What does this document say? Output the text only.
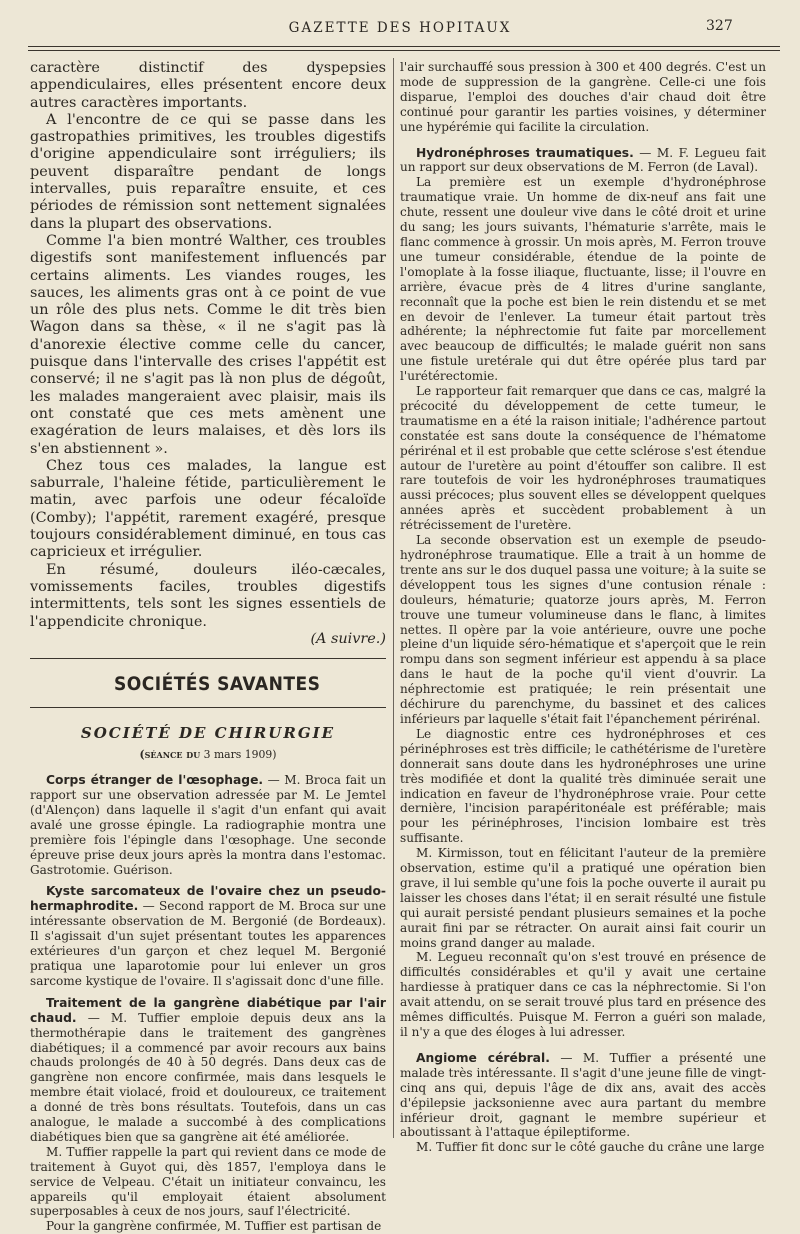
GAZETTE DES HOPITAUX	327

caractère distinctif des dyspepsies appendiculaires, elles présentent encore deux autres caractères importants.

A l'encontre de ce qui se passe dans les gastropathies primitives, les troubles digestifs d'origine appendiculaire sont irréguliers; ils peuvent disparaître pendant de longs intervalles, puis reparaître ensuite, et ces périodes de rémission sont nettement signalées dans la plupart des observations.

Comme l'a bien montré Walther, ces troubles digestifs sont manifestement influencés par certains aliments. Les viandes rouges, les sauces, les aliments gras ont à ce point de vue un rôle des plus nets. Comme le dit très bien Wagon dans sa thèse, « il ne s'agit pas là d'anorexie élective comme celle du cancer, puisque dans l'intervalle des crises l'appétit est conservé; il ne s'agit pas là non plus de dégoût, les malades mangeraient avec plaisir, mais ils ont constaté que ces mets amènent une exagération de leurs malaises, et dès lors ils s'en abstiennent ».

Chez tous ces malades, la langue est saburrale, l'haleine fétide, particulièrement le matin, avec parfois une odeur fécaloïde (Comby); l'appétit, rarement exagéré, presque toujours considérablement diminué, en tous cas capricieux et irrégulier.

En résumé, douleurs iléo-cæcales, vomissements faciles, troubles digestifs intermittents, tels sont les signes essentiels de l'appendicite chronique.

(A suivre.)

SOCIÉTÉS SAVANTES
SOCIÉTÉ DE CHIRURGIE
(séance du 3 mars 1909)

Corps étranger de l'œsophage. — M. Broca fait un rapport sur une observation adressée par M. Le Jemtel (d'Alençon) dans laquelle il s'agit d'un enfant qui avait avalé une grosse épingle. La radiographie montra une première fois l'épingle dans l'œsophage. Une seconde épreuve prise deux jours après la montra dans l'estomac. Gastrotomie. Guérison.

Kyste sarcomateux de l'ovaire chez un pseudo-hermaphrodite. — Second rapport de M. Broca sur une intéressante observation de M. Bergonié (de Bordeaux). Il s'agissait d'un sujet présentant toutes les apparences extérieures d'un garçon et chez lequel M. Bergonié pratiqua une laparotomie pour lui enlever un gros sarcome kystique de l'ovaire. Il s'agissait donc d'une fille.

Traitement de la gangrène diabétique par l'air chaud. — M. Tuffier emploie depuis deux ans la thermothérapie dans le traitement des gangrènes diabétiques; il a commencé par avoir recours aux bains chauds prolongés de 40 à 50 degrés. Dans deux cas de gangrène non encore confirmée, mais dans lesquels le membre était violacé, froid et douloureux, ce traitement a donné de très bons résultats. Toutefois, dans un cas analogue, le malade a succombé à des complications diabétiques bien que sa gangrène ait été améliorée.

M. Tuffier rappelle la part qui revient dans ce mode de traitement à Guyot qui, dès 1857, l'employa dans le service de Velpeau. C'était un initiateur convaincu, les appareils qu'il employait étaient absolument superposables à ceux de nos jours, sauf l'électricité.

Pour la gangrène confirmée, M. Tuffier est partisan de

l'air surchauffé sous pression à 300 et 400 degrés. C'est un mode de suppression de la gangrène. Celle-ci une fois disparue, l'emploi des douches d'air chaud doit être continué pour garantir les parties voisines, y déterminer une hypérémie qui facilite la circulation.

Hydronéphroses traumatiques. — M. F. Legueu fait un rapport sur deux observations de M. Ferron (de Laval).

La première est un exemple d'hydronéphrose traumatique vraie. Un homme de dix-neuf ans fait une chute, ressent une douleur vive dans le côté droit et urine du sang; les jours suivants, l'hématurie s'arrête, mais le flanc commence à grossir. Un mois après, M. Ferron trouve une tumeur considérable, étendue de la pointe de l'omoplate à la fosse iliaque, fluctuante, lisse; il l'ouvre en arrière, évacue près de 4 litres d'urine sanglante, reconnaît que la poche est bien le rein distendu et se met en devoir de l'enlever. La tumeur était partout très adhérente; la néphrectomie fut faite par morcellement avec beaucoup de difficultés; le malade guérit non sans une fistule uretérale qui dut être opérée plus tard par l'urétérectomie.

Le rapporteur fait remarquer que dans ce cas, malgré la précocité du développement de cette tumeur, le traumatisme en a été la raison initiale; l'adhérence partout constatée est sans doute la conséquence de l'hématome périrénal et il est probable que cette sclérose s'est étendue autour de l'uretère au point d'étouffer son calibre. Il est rare toutefois de voir les hydronéphroses traumatiques aussi précoces; plus souvent elles se développent quelques années après et succèdent probablement à un rétrécissement de l'uretère.

La seconde observation est un exemple de pseudo-hydronéphrose traumatique. Elle a trait à un homme de trente ans sur le dos duquel passa une voiture; à la suite se développent tous les signes d'une contusion rénale : douleurs, hématurie; quatorze jours après, M. Ferron trouve une tumeur volumineuse dans le flanc, à limites nettes. Il opère par la voie antérieure, ouvre une poche pleine d'un liquide séro-hématique et s'aperçoit que le rein rompu dans son segment inférieur est appendu à sa place dans le haut de la poche qu'il vient d'ouvrir. La néphrectomie est pratiquée; le rein présentait une déchirure du parenchyme, du bassinet et des calices inférieurs par laquelle s'était fait l'épanchement périrénal.

Le diagnostic entre ces hydronéphroses et ces périnéphroses est très difficile; le cathétérisme de l'uretère donnerait sans doute dans les hydronéphroses une urine très modifiée et dont la qualité très diminuée serait une indication en faveur de l'hydronéphrose vraie. Pour cette dernière, l'incision parapéritonéale est préférable; mais pour les périnéphroses, l'incision lombaire est très suffisante.

M. Kirmisson, tout en félicitant l'auteur de la première observation, estime qu'il a pratiqué une opération bien grave, il lui semble qu'une fois la poche ouverte il aurait pu laisser les choses dans l'état; il en serait résulté une fistule qui aurait persisté pendant plusieurs semaines et la poche aurait fini par se rétracter. On aurait ainsi fait courir un moins grand danger au malade.

M. Legueu reconnaît qu'on s'est trouvé en présence de difficultés considérables et qu'il y avait une certaine hardiesse à pratiquer dans ce cas la néphrectomie. Si l'on avait attendu, on se serait trouvé plus tard en présence des mêmes difficultés. Puisque M. Ferron a guéri son malade, il n'y a que des éloges à lui adresser.

Angiome cérébral. — M. Tuffier a présenté une malade très intéressante. Il s'agit d'une jeune fille de vingt-cinq ans qui, depuis l'âge de dix ans, avait des accès d'épilepsie jacksonienne avec aura partant du membre inférieur droit, gagnant le membre supérieur et aboutissant à l'attaque épileptiforme.

M. Tuffier fit donc sur le côté gauche du crâne une large
